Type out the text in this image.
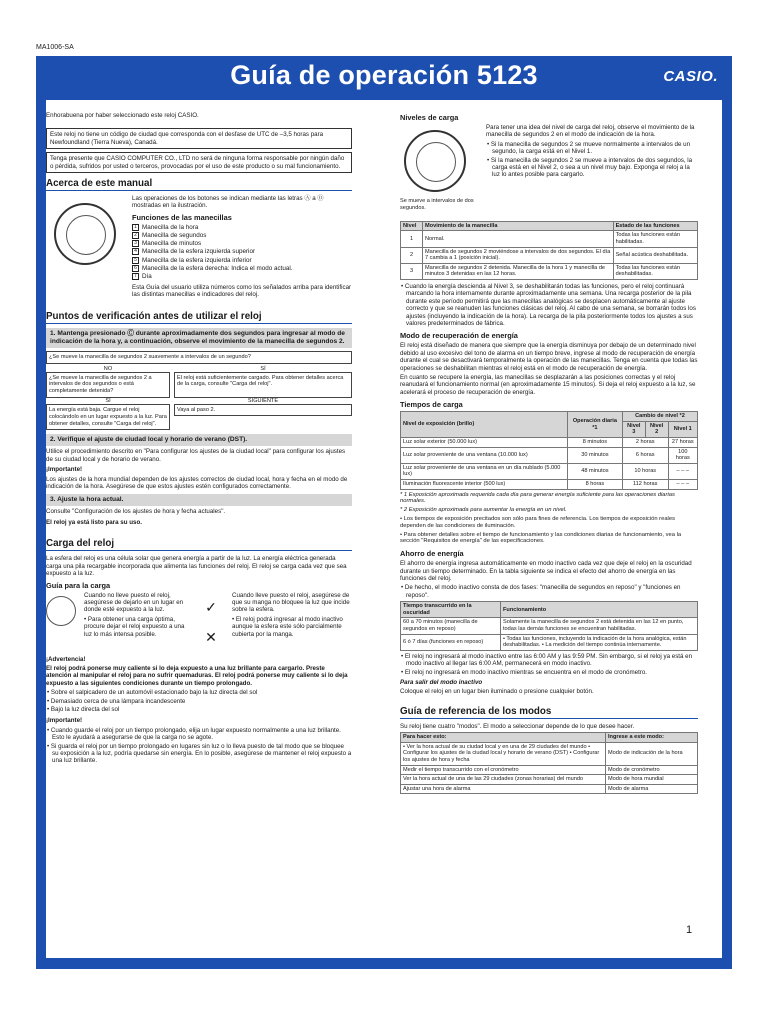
MA1006-SA
Guía de operación 5123	CASIO.
Enhorabuena por haber seleccionado este reloj CASIO.
Este reloj no tiene un código de ciudad que corresponda con el desfase de UTC de –3,5 horas para Newfoundland (Tierra Nueva), Canadá.
Tenga presente que CASIO COMPUTER CO., LTD no será de ninguna forma responsable por ningún daño o pérdida, sufridos por usted o terceros, provocadas por el uso de este producto o su mal funcionamiento.
Acerca de este manual
Las operaciones de los botones se indican mediante las letras Ⓐ a Ⓓ mostradas en la ilustración.
Funciones de las manecillas
1 Manecilla de la hora
2 Manecilla de segundos
3 Manecilla de minutos
4 Manecilla de la esfera izquierda superior
5 Manecilla de la esfera izquierda inferior
6 Manecilla de la esfera derecha: Indica el modo actual.
7 Día
Esta Guía del usuario utiliza números como los señalados arriba para identificar las distintas manecillas e indicadores del reloj.
Puntos de verificación antes de utilizar el reloj
1. Mantenga presionado Ⓒ durante aproximadamente dos segundos para ingresar al modo de indicación de la hora y, a continuación, observe el movimiento de la manecilla de segundos 2.
¿Se mueve la manecilla de segundos 2 suavemente a intervalos de un segundo?
NO	SÍ
¿Se mueve la manecilla de segundos 2 a intervalos de dos segundos o está completamente detenida?
El reloj está suficientemente cargado. Para obtener detalles acerca de la carga, consulte "Carga del reloj".
SÍ	SIGUIENTE
La energía está baja. Cargue el reloj colocándolo en un lugar expuesto a la luz. Para obtener detalles, consulte "Carga del reloj".
Vaya al paso 2.
2. Verifique el ajuste de ciudad local y horario de verano (DST).
Utilice el procedimiento descrito en "Para configurar los ajustes de la ciudad local" para configurar los ajustes de su ciudad local y de horario de verano.
¡Importante!
Los ajustes de la hora mundial dependen de los ajustes correctos de ciudad local, hora y fecha en el modo de indicación de la hora. Asegúrese de que estos ajustes estén configurados correctamente.
3. Ajuste la hora actual.
Consulte "Configuración de los ajustes de hora y fecha actuales".
El reloj ya está listo para su uso.
Carga del reloj
La esfera del reloj es una célula solar que genera energía a partir de la luz. La energía eléctrica generada carga una pila recargable incorporada que alimenta las funciones del reloj. El reloj se carga cada vez que sea expuesto a la luz.
Guía para la carga
Cuando no lleve puesto el reloj, asegúrese de dejarlo en un lugar en donde esté expuesto a la luz.
• Para obtener una carga óptima, procure dejar el reloj expuesto a una luz lo más intensa posible.
✓
✕
Cuando lleve puesto el reloj, asegúrese de que su manga no bloquee la luz que incide sobre la esfera.
• El reloj podrá ingresar al modo inactivo aunque la esfera este sólo parcialmente cubierta por la manga.
¡Advertencia!
El reloj podrá ponerse muy caliente si lo deja expuesto a una luz brillante para cargarlo. Preste atención al manipular el reloj para no sufrir quemaduras. El reloj podrá ponerse muy caliente si lo deja expuesto a las siguientes condiciones durante un tiempo prolongado.
• Sobre el salpicadero de un automóvil estacionado bajo la luz directa del sol
• Demasiado cerca de una lámpara incandescente
• Bajo la luz directa del sol
¡Importante!
• Cuando guarde el reloj por un tiempo prolongado, elija un lugar expuesto normalmente a una luz brillante. Esto le ayudará a asegurarse de que la carga no se agote.
• Si guarda el reloj por un tiempo prolongado en lugares sin luz o lo lleva puesto de tal modo que se bloquee su exposición a la luz, podría quedarse sin energía. En lo posible, asegúrese de mantener el reloj expuesto a una luz brillante.
Niveles de carga
Se mueve a intervalos de dos segundos.
Para tener una idea del nivel de carga del reloj, observe el movimiento de la manecilla de segundos 2 en el modo de indicación de la hora.
• Si la manecilla de segundos 2 se mueve normalmente a intervalos de un segundo, la carga está en el Nivel 1.
• Si la manecilla de segundos 2 se mueve a intervalos de dos segundos, la carga está en el Nivel 2, o sea a un nivel muy bajo. Exponga el reloj a la luz lo antes posible para cargarlo.
Nivel	Movimiento de la manecilla	Estado de las funciones
1	Normal.	Todas las funciones están habilitadas.
2	Manecilla de segundos 2 moviéndose a intervalos de dos segundos. El día 7 cambia a 1 (posición inicial).	Señal acústica deshabilitada.
3	Manecilla de segundos 2 detenida. Manecilla de la hora 1 y manecilla de minutos 3 detenidas en las 12 horas.	Todas las funciones están deshabilitadas.
• Cuando la energía descienda al Nivel 3, se deshabilitarán todas las funciones, pero el reloj continuará marcando la hora internamente durante aproximadamente una semana. Una recarga posterior de la pila durante este período permitirá que las manecillas analógicas se desplacen automáticamente al ajuste correcto y que se reanuden las funciones clásicas del reloj. Al cabo de una semana, se borrarán todos los ajustes (incluyendo la indicación de la hora). La recarga de la pila posteriormente todos los ajustes a sus valores predeterminados de fábrica.
Modo de recuperación de energía
El reloj está diseñado de manera que siempre que la energía disminuya por debajo de un determinado nivel debido al uso excesivo del tono de alarma en un tiempo breve, ingrese al modo de recuperación de energía durante el cual se desactivará temporalmente la operación de las manecillas. Tenga en cuenta que todas las operaciones se deshabilitan mientras el reloj está en el modo de recuperación de energía.
En cuanto se recupere la energía, las manecillas se desplazarán a las posiciones correctas y el reloj reanudará el funcionamiento normal (en aproximadamente 15 minutos). Si deja el reloj expuesto a la luz, se acelerará el proceso de recuperación de energía.
Tiempos de carga
Nivel de exposición (brillo)	Operación diaria *1	Cambio de nivel *2		
		Nivel 3	Nivel 2	Nivel 1
Luz solar exterior (50.000 lux)	8 minutos	2 horas		27 horas
Luz solar proveniente de una ventana (10.000 lux)	30 minutos	6 horas		100 horas
Luz solar proveniente de una ventana en un día nublado (5.000 lux)	48 minutos	10 horas		– – –
Iluminación fluorescente interior (500 lux)	8 horas	112 horas		– – –
* 1 Exposición aproximada requerida cada día para generar energía suficiente para las operaciones diarias normales.
* 2 Exposición aproximada para aumentar la energía en un nivel.
• Los tiempos de exposición precitados son sólo para fines de referencia. Los tiempos de exposición reales dependen de las condiciones de iluminación.
• Para obtener detalles sobre el tiempo de funcionamiento y las condiciones diarias de funcionamiento, vea la sección "Requisitos de energía" de las especificaciones.
Ahorro de energía
El ahorro de energía ingresa automáticamente en modo inactivo cada vez que deje el reloj en la oscuridad durante un tiempo determinado. En la tabla siguiente se indica el efecto del ahorro de energía en las funciones del reloj.
• De hecho, el modo inactivo consta de dos fases: "manecilla de segundos en reposo" y "funciones en reposo".
Tiempo transcurrido en la oscuridad	Funcionamiento
60 a 70 minutos (manecilla de segundos en reposo)	Solamente la manecilla de segundos 2 está detenida en las 12 en punto, todas las demás funciones se encuentran habilitadas.
6 ó 7 días (funciones en reposo)	• Todas las funciones, incluyendo la indicación de la hora analógica, están deshabilitadas. • La medición del tiempo continúa internamente.
• El reloj no ingresará al modo inactivo entre las 6:00 AM y las 9:59 PM. Sin embargo, si el reloj ya está en modo inactivo al llegar las 6:00 AM, permanecerá en modo inactivo.
• El reloj no ingresará en modo inactivo mientras se encuentra en el modo de cronómetro.
Para salir del modo inactivo
Coloque el reloj en un lugar bien iluminado o presione cualquier botón.
Guía de referencia de los modos
Su reloj tiene cuatro "modos". El modo a seleccionar depende de lo que desee hacer.
Para hacer esto:	Ingrese a este modo:
• Ver la hora actual de su ciudad local y en una de 29 ciudades del mundo • Configurar los ajustes de la ciudad local y horario de verano (DST) • Configurar los ajustes de hora y fecha	Modo de indicación de la hora
Medir el tiempo transcurrido con el cronómetro	Modo de cronómetro
Ver la hora actual de una de las 29 ciudades (zonas horarias) del mundo	Modo de hora mundial
Ajustar una hora de alarma	Modo de alarma
1
